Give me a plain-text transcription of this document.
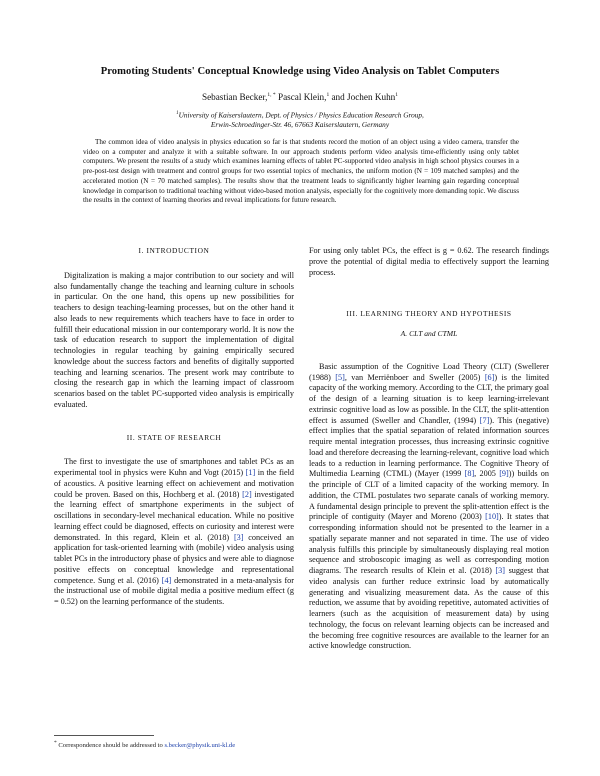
Promoting Students' Conceptual Knowledge using Video Analysis on Tablet Computers
Sebastian Becker,$^{1, *}$ Pascal Klein,$^1$ and Jochen Kuhn$^1$
$^1$University of Kaiserslautern, Dept. of Physics / Physics Education Research Group,
Erwin-Schroedinger-Str. 46, 67663 Kaiserslautern, Germany
The common idea of video analysis in physics education so far is that students record the motion of an object using a video camera, transfer the video on a computer and analyze it with a suitable software. In our approach students perform video analysis time-efficiently using only tablet computers. We present the results of a study which examines learning effects of tablet PC-supported video analysis in high school physics courses in a pre-post-test design with treatment and control groups for two essential topics of mechanics, the uniform motion (N = 109 matched samples) and the accelerated motion (N = 70 matched samples). The results show that the treatment leads to significantly higher learning gain regarding conceptual knowledge in comparison to traditional teaching without video-based motion analysis, especially for the cognitively more demanding topic. We discuss the results in the context of learning theories and reveal implications for future research.
I. INTRODUCTION

Digitalization is making a major contribution to our society and will also fundamentally change the teaching and learning culture in schools in particular. On the one hand, this opens up new possibilities for teachers to design teaching-learning processes, but on the other hand it also leads to new requirements which teachers have to face in order to fulfill their educational mission in our contemporary world. It is now the task of education research to support the implementation of digital technologies in regular teaching by gaining empirically secured knowledge about the success factors and benefits of digitally supported teaching and learning scenarios. The present work may contribute to closing the research gap in which the learning impact of classroom scenarios based on the tablet PC-supported video analysis is empirically evaluated.

II. STATE OF RESEARCH

The first to investigate the use of smartphones and tablet PCs as an experimental tool in physics were Kuhn and Vogt (2015) [1] in the field of acoustics. A positive learning effect on achievement and motivation could be proven. Based on this, Hochberg et al. (2018) [2] investigated the learning effect of smartphone experiments in the subject of oscillations in secondary-level mechanical education. While no positive learning effect could be diagnosed, effects on curiosity and interest were demonstrated. In this regard, Klein et al. (2018) [3] conceived an application for task-oriented learning with (mobile) video analysis using tablet PCs in the introductory phase of physics and were able to diagnose positive effects on conceptual knowledge and representational competence. Sung et al. (2016) [4] demonstrated in a meta-analysis for the instructional use of mobile digital media a positive medium effect (g = 0.52) on the learning performance of the students.

For using only tablet PCs, the effect is g = 0.62. The research findings prove the potential of digital media to effectively support the learning process.

III. LEARNING THEORY AND HYPOTHESIS
A. CLT and CTML

Basic assumption of the Cognitive Load Theory (CLT) (Swellerer (1988) [5], van Merriënboer and Sweller (2005) [6]) is the limited capacity of the working memory. According to the CLT, the primary goal of the design of a learning situation is to keep learning-irrelevant extrinsic cognitive load as low as possible. In the CLT, the split-attention effect is assumed (Sweller and Chandler, (1994) [7]). This (negative) effect implies that the spatial separation of related information sources require mental integration processes, thus increasing extrinsic cognitive load and therefore decreasing the learning-relevant, cognitive load which leads to a reduction in learning performance. The Cognitive Theory of Multimedia Learning (CTML) (Mayer (1999 [8], 2005 [9])) builds on the principle of CLT of a limited capacity of the working memory. In addition, the CTML postulates two separate canals of working memory. A fundamental design principle to prevent the split-attention effect is the principle of contiguity (Mayer and Moreno (2003) [10]). It states that corresponding information should not be presented to the learner in a spatially separate manner and not separated in time. The use of video analysis fulfills this principle by simultaneously displaying real motion sequence and stroboscopic imaging as well as corresponding motion diagrams. The research results of Klein et al. (2018) [3] suggest that video analysis can further reduce extrinsic load by automatically generating and visualizing measurement data. As the cause of this reduction, we assume that by avoiding repetitive, automated activities of learners (such as the acquisition of measurement data) by using technology, the focus on relevant learning objects can be increased and the becoming free cognitive resources are available to the learner for an active knowledge construction.

* Correspondence should be addressed to s.becker@physik.uni-kl.de
